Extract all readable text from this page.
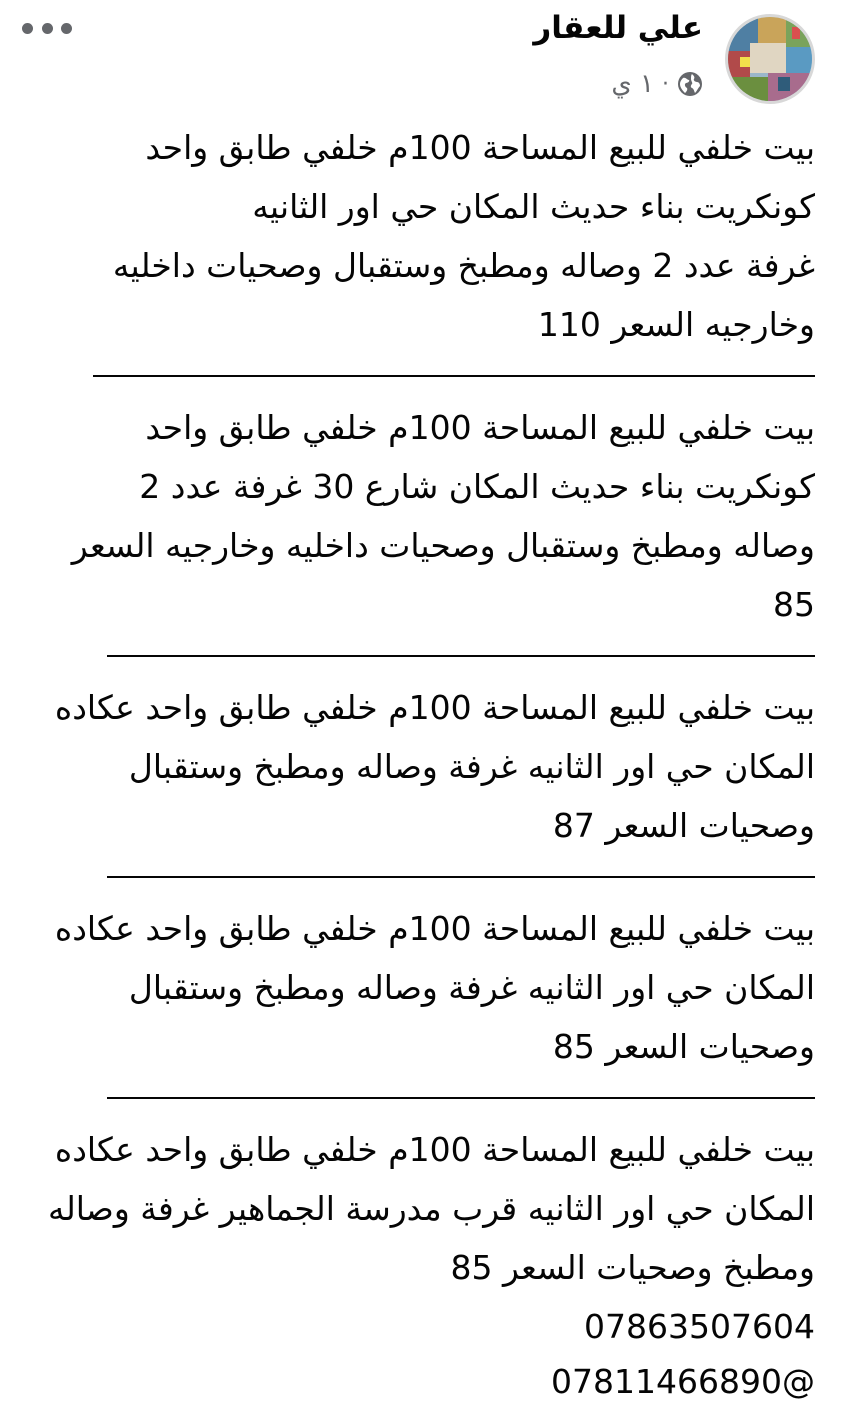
علي للعقار
١ ي ·
بيت خلفي للبيع المساحة 100م خلفي طابق واحد
كونكريت بناء حديث المكان حي اور الثانيه
غرفة عدد 2 وصاله ومطبخ وستقبال وصحيات داخليه
وخارجيه السعر 110
بيت خلفي للبيع المساحة 100م خلفي طابق واحد
كونكريت بناء حديث المكان شارع 30 غرفة عدد 2
وصاله ومطبخ وستقبال وصحيات داخليه وخارجيه السعر
85
بيت خلفي للبيع المساحة 100م خلفي طابق واحد عكاده
المكان حي اور الثانيه غرفة وصاله ومطبخ وستقبال
وصحيات السعر 87
بيت خلفي للبيع المساحة 100م خلفي طابق واحد عكاده
المكان حي اور الثانيه غرفة وصاله ومطبخ وستقبال
وصحيات السعر 85
بيت خلفي للبيع المساحة 100م خلفي طابق واحد عكاده
المكان حي اور الثانيه قرب مدرسة الجماهير غرفة وصاله
ومطبخ وصحيات السعر 85
07863507604
@07811466890
